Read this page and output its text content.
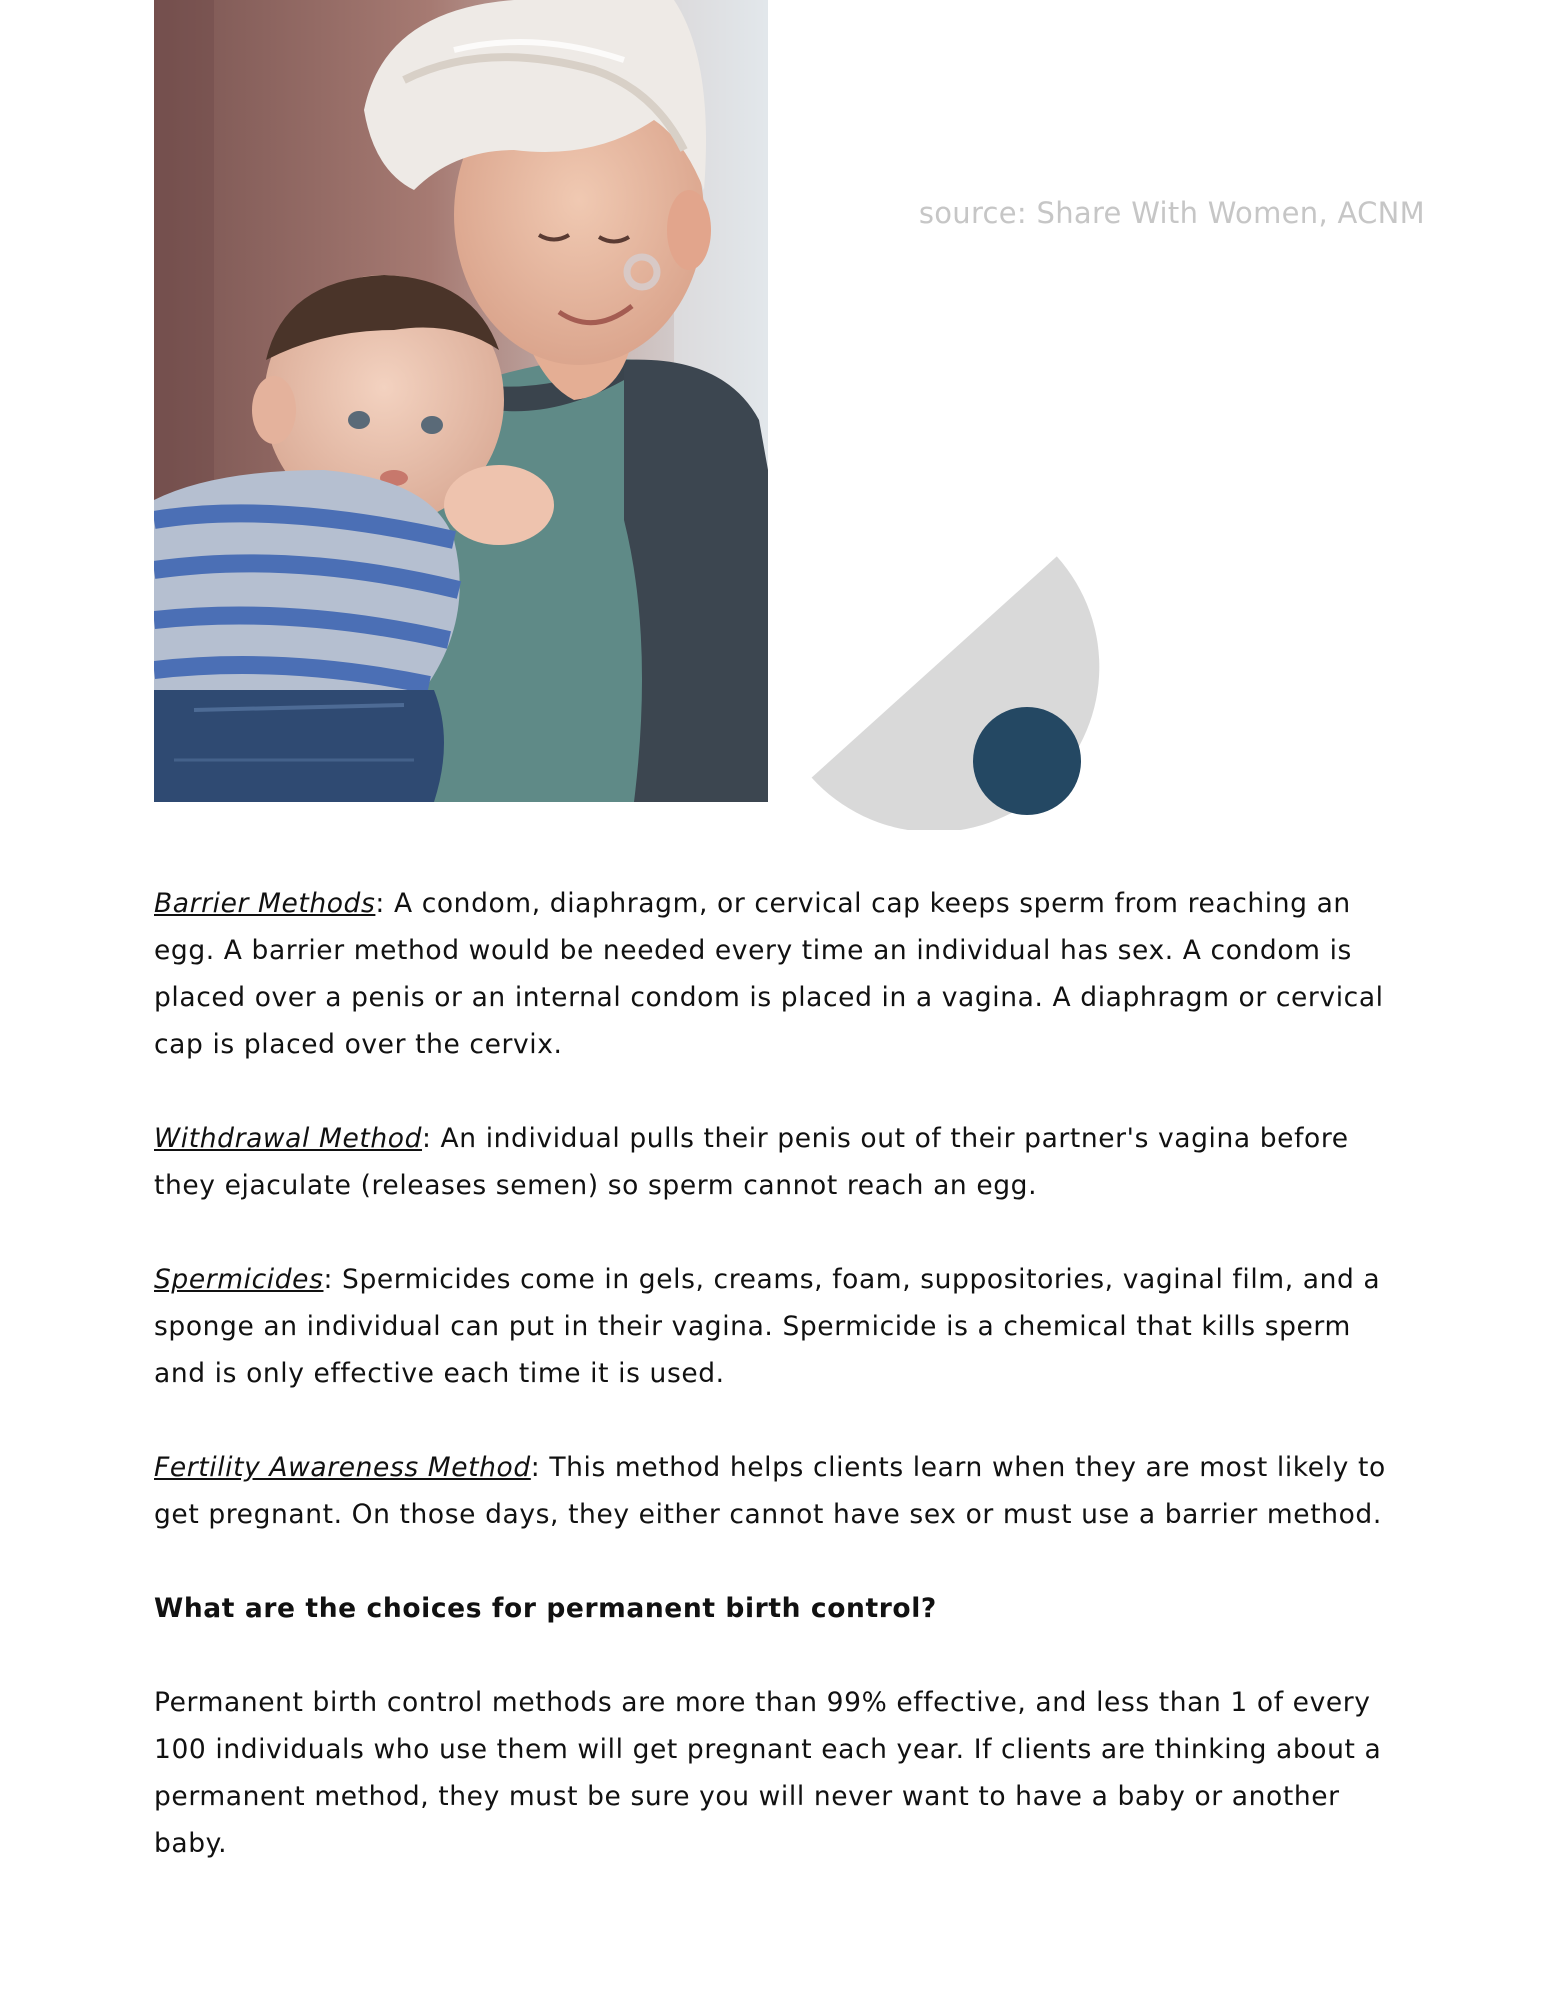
source: Share With Women, ACNM

Barrier Methods: A condom, diaphragm, or cervical cap keeps sperm from reaching an egg. A barrier method would be needed every time an individual has sex. A condom is placed over a penis or an internal condom is placed in a vagina. A diaphragm or cervical cap is placed over the cervix.

Withdrawal Method: An individual pulls their penis out of their partner's vagina before they ejaculate (releases semen) so sperm cannot reach an egg.

Spermicides: Spermicides come in gels, creams, foam, suppositories, vaginal film, and a sponge an individual can put in their vagina. Spermicide is a chemical that kills sperm and is only effective each time it is used.

Fertility Awareness Method: This method helps clients learn when they are most likely to get pregnant. On those days, they either cannot have sex or must use a barrier method.

What are the choices for permanent birth control?

Permanent birth control methods are more than 99% effective, and less than 1 of every 100 individuals who use them will get pregnant each year. If clients are thinking about a permanent method, they must be sure you will never want to have a baby or another baby.
